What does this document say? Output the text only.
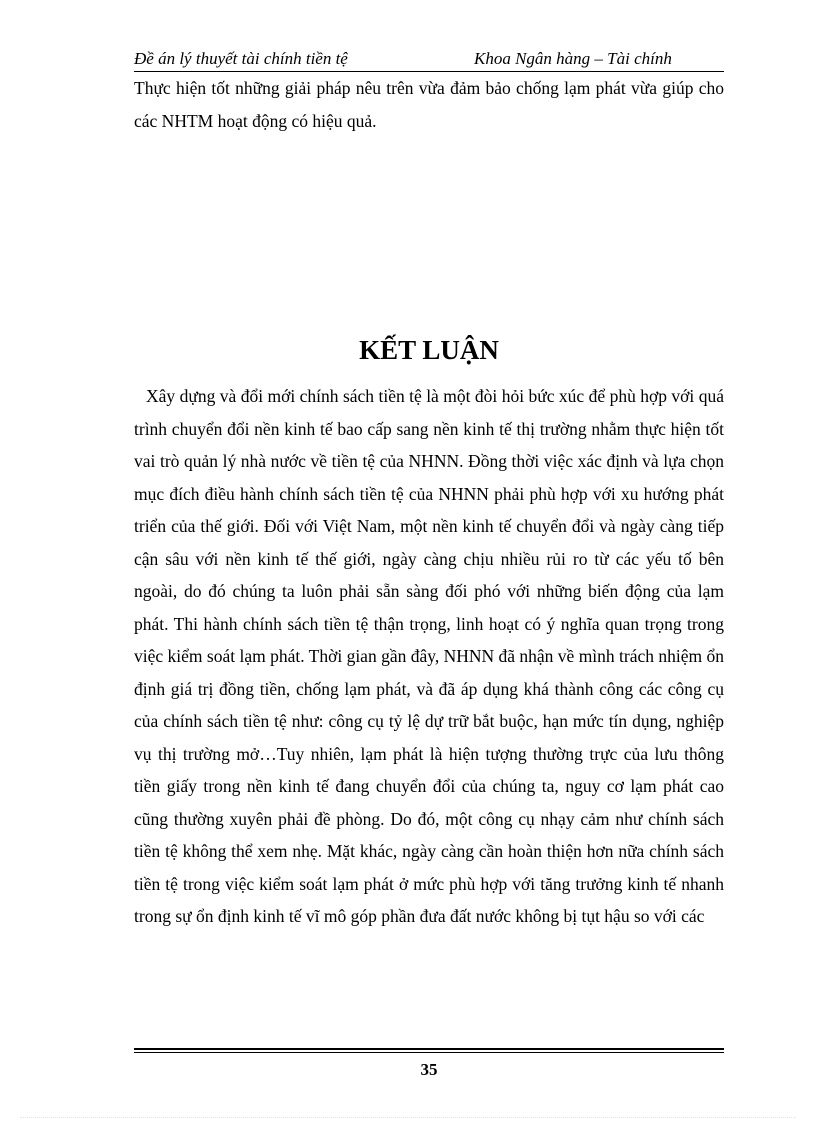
Đề án lý thuyết tài chính tiền tệ	Khoa Ngân hàng – Tài chính

Thực hiện tốt những giải pháp nêu trên vừa đảm bảo chống lạm phát vừa giúp cho các NHTM hoạt động có hiệu quả.

KẾT LUẬN

Xây dựng và đổi mới chính sách tiền tệ là một đòi hỏi bức xúc để phù hợp với quá trình chuyển đổi nền kinh tế bao cấp sang nền kinh tế thị trường nhằm thực hiện tốt vai trò quản lý nhà nước về tiền tệ của NHNN. Đồng thời việc xác định và lựa chọn mục đích điều hành chính sách tiền tệ của NHNN phải phù hợp với xu hướng phát triển của thế giới. Đối với Việt Nam, một nền kinh tế chuyển đổi và ngày càng tiếp cận sâu với nền kinh tế thế giới, ngày càng chịu nhiều rủi ro từ các yếu tố bên ngoài, do đó chúng ta luôn phải sẵn sàng đối phó với những biến động của lạm phát. Thi hành chính sách tiền tệ thận trọng, linh hoạt có ý nghĩa quan trọng trong việc kiểm soát lạm phát. Thời gian gần đây, NHNN đã nhận về mình trách nhiệm ổn định giá trị đồng tiền, chống lạm phát, và đã áp dụng khá thành công các công cụ của chính sách tiền tệ như: công cụ tỷ lệ dự trữ bắt buộc, hạn mức tín dụng, nghiệp vụ thị trường mở…Tuy nhiên, lạm phát là hiện tượng thường trực của lưu thông tiền giấy trong nền kinh tế đang chuyển đổi của chúng ta, nguy cơ lạm phát cao cũng thường xuyên phải đề phòng. Do đó, một công cụ nhạy cảm như chính sách tiền tệ không thể xem nhẹ. Mặt khác, ngày càng cần hoàn thiện hơn nữa chính sách tiền tệ trong việc kiểm soát lạm phát ở mức phù hợp với tăng trưởng kinh tế nhanh trong sự ổn định kinh tế vĩ mô góp phần đưa đất nước không bị tụt hậu so với các

35
